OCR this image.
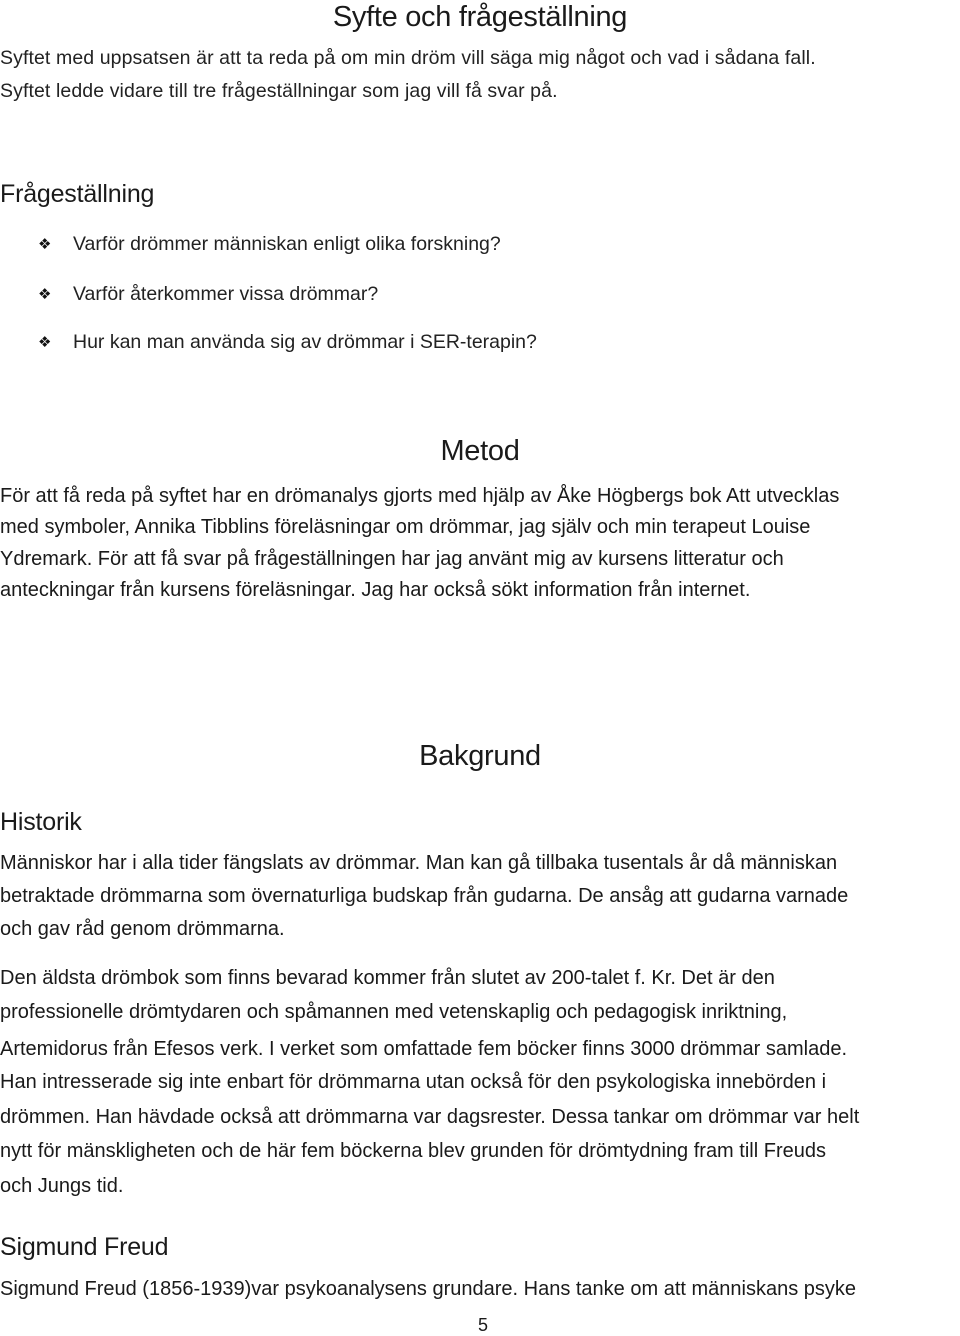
Syfte och frågeställning
Syftet med uppsatsen är att ta reda på om min dröm vill säga mig något och vad i sådana fall.
Syftet ledde vidare till tre frågeställningar som jag vill få svar på.
Frågeställning
❖ Varför drömmer människan enligt olika forskning?
❖ Varför återkommer vissa drömmar?
❖ Hur kan man använda sig av drömmar i SER-terapin?
Metod
För att få reda på syftet har en drömanalys gjorts med hjälp av Åke Högbergs bok Att utvecklas
med symboler, Annika Tibblins föreläsningar om drömmar, jag själv och min terapeut Louise
Ydremark. För att få svar på frågeställningen har jag använt mig av kursens litteratur och
anteckningar från kursens föreläsningar. Jag har också sökt information från internet.
Bakgrund
Historik
Människor har i alla tider fängslats av drömmar. Man kan gå tillbaka tusentals år då människan
betraktade drömmarna som övernaturliga budskap från gudarna. De ansåg att gudarna varnade
och gav råd genom drömmarna.
Den äldsta drömbok som finns bevarad kommer från slutet av 200-talet f. Kr. Det är den
professionelle drömtydaren och spåmannen med vetenskaplig och pedagogisk inriktning,
Artemidorus från Efesos verk. I verket som omfattade fem böcker finns 3000 drömmar samlade.
Han intresserade sig inte enbart för drömmarna utan också för den psykologiska innebörden i
drömmen. Han hävdade också att drömmarna var dagsrester. Dessa tankar om drömmar var helt
nytt för mänskligheten och de här fem böckerna blev grunden för drömtydning fram till Freuds
och Jungs tid.
Sigmund Freud
Sigmund Freud (1856-1939)var psykoanalysens grundare. Hans tanke om att människans psyke
5
